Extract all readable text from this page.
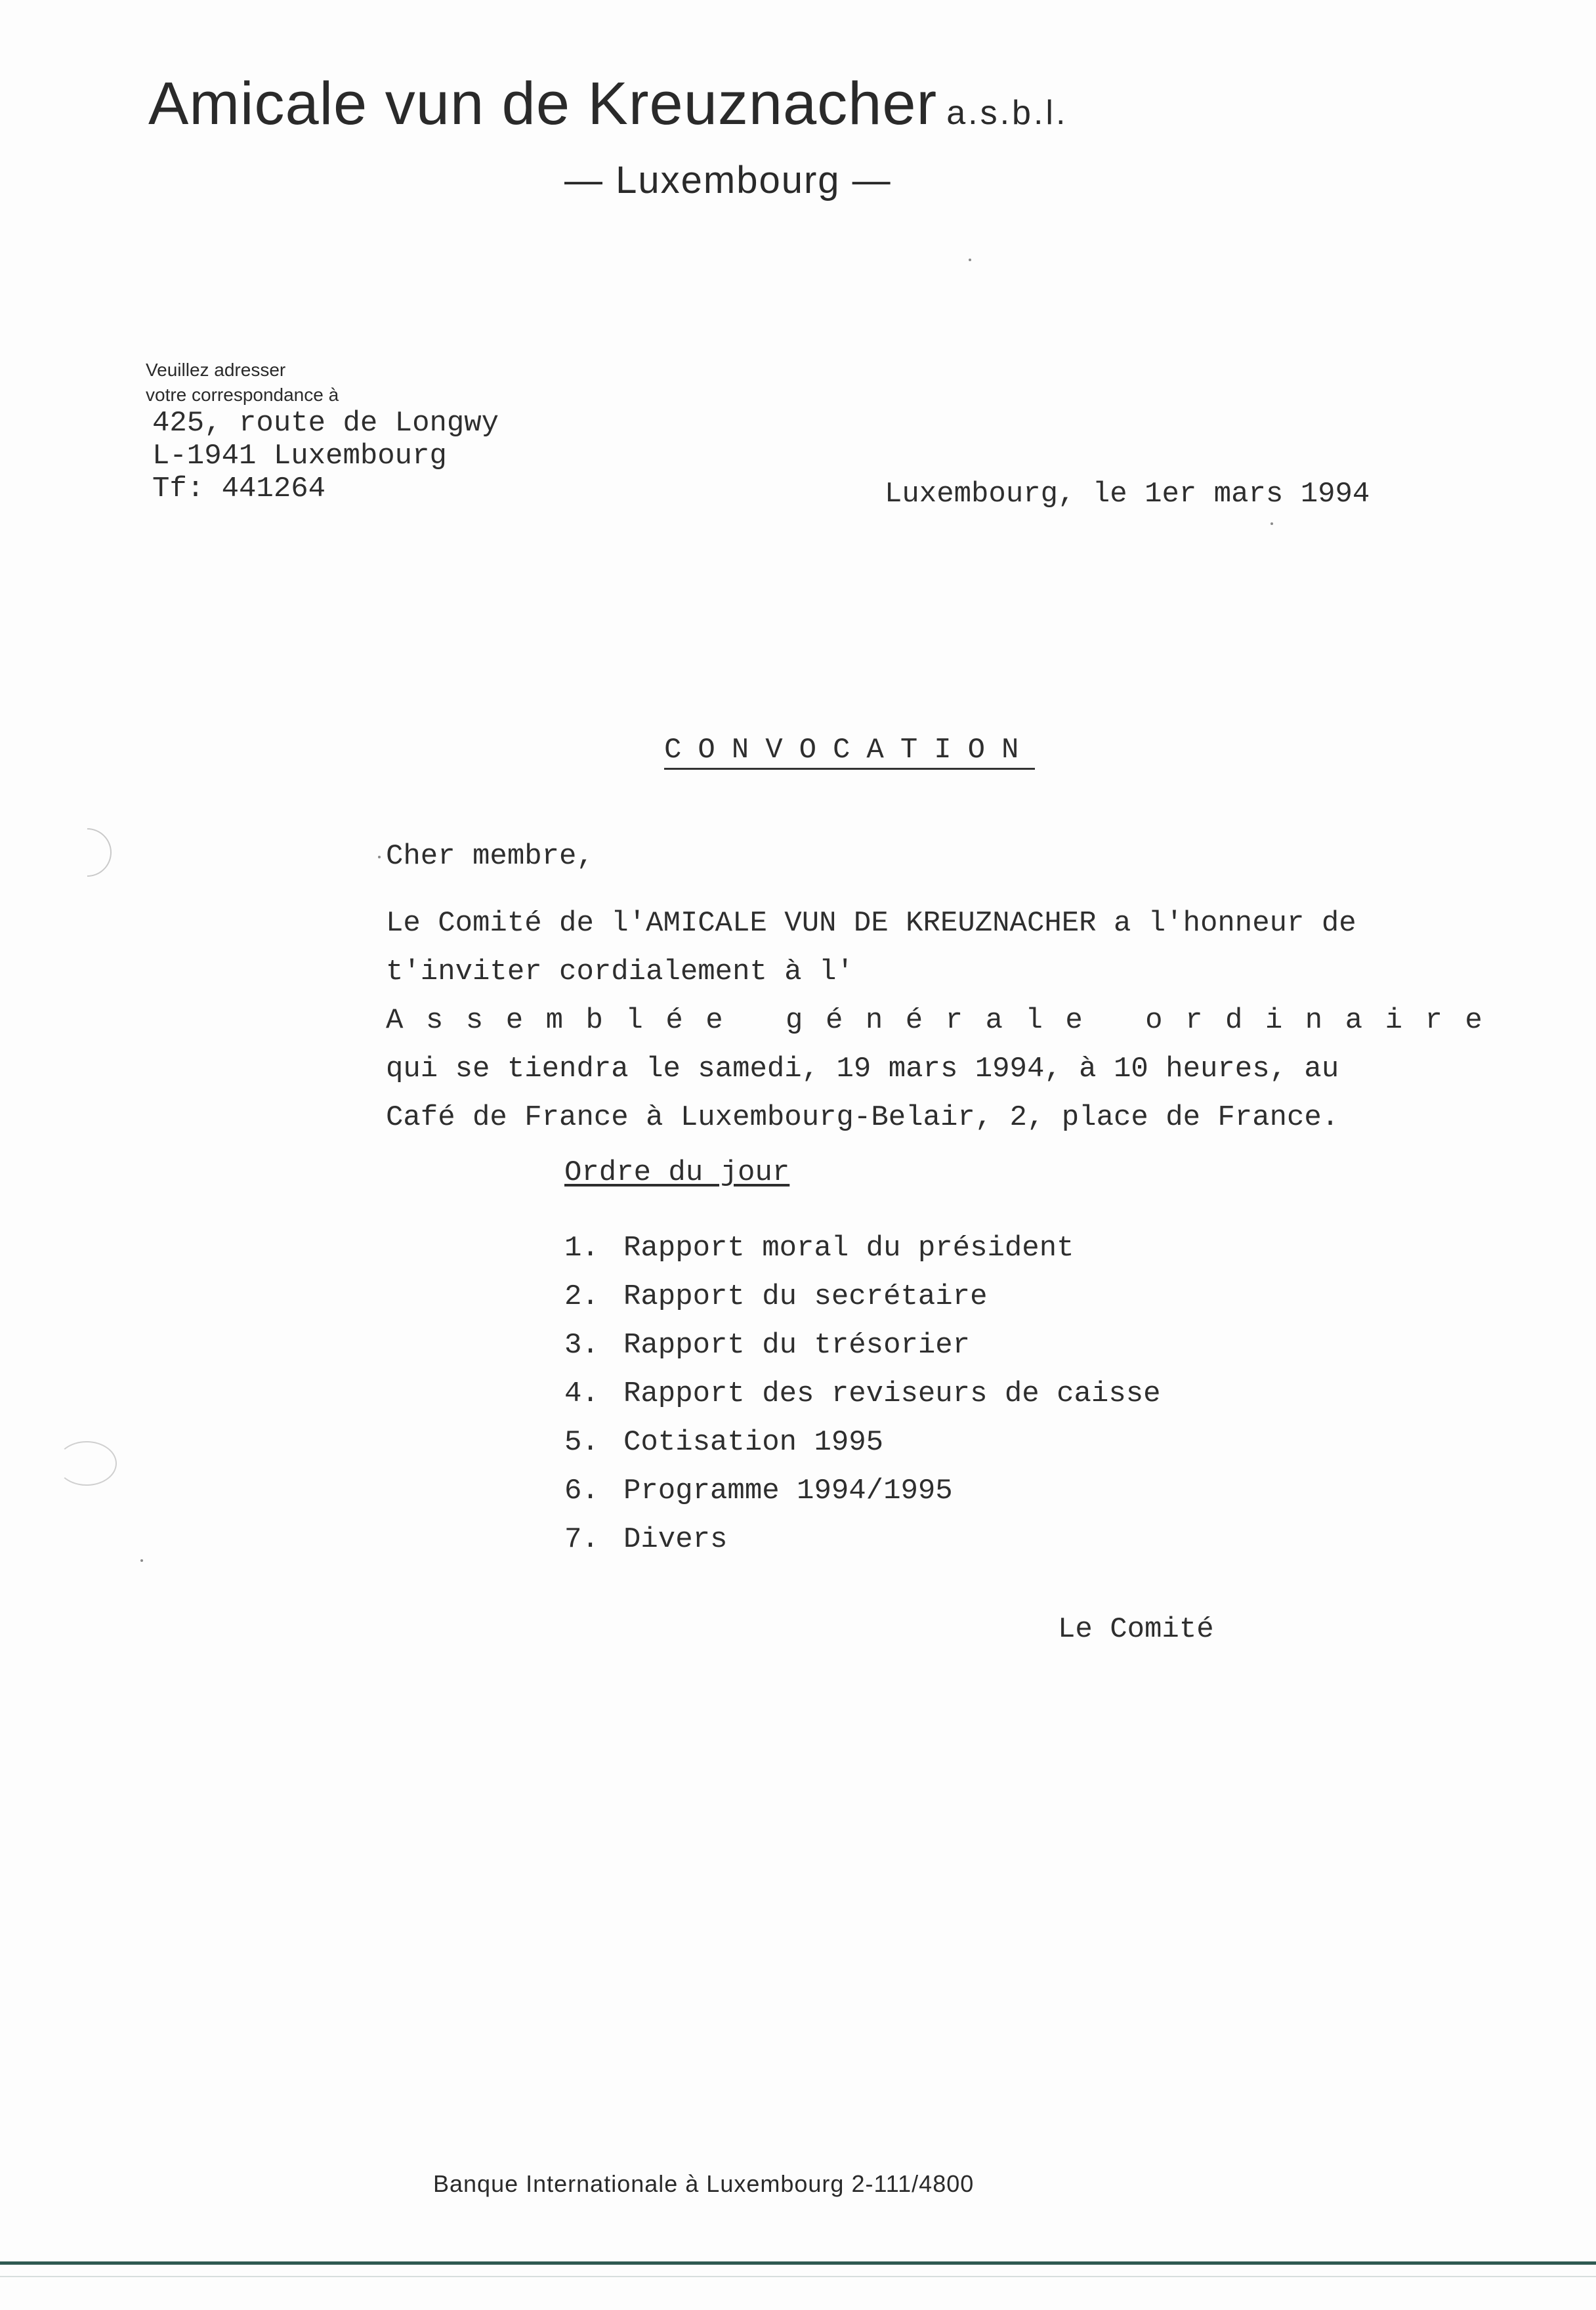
Amicale vun de Kreuznacher a.s.b.l.
— Luxembourg —
Veuillez adresser
votre correspondance à
425, route de Longwy
L-1941 Luxembourg
Tf: 441264	Luxembourg, le 1er mars 1994
CONVOCATION
Cher membre,
Le Comité de l'AMICALE VUN DE KREUZNACHER a l'honneur de
t'inviter cordialement à l'
Assemblée générale ordinaire
qui se tiendra le samedi, 19 mars 1994, à 10 heures, au
Café de France à Luxembourg-Belair, 2, place de France.
Ordre du jour
1. Rapport moral du président
2. Rapport du secrétaire
3. Rapport du trésorier
4. Rapport des reviseurs de caisse
5. Cotisation 1995
6. Programme 1994/1995
7. Divers
Le Comité
Banque Internationale à Luxembourg 2-111/4800
